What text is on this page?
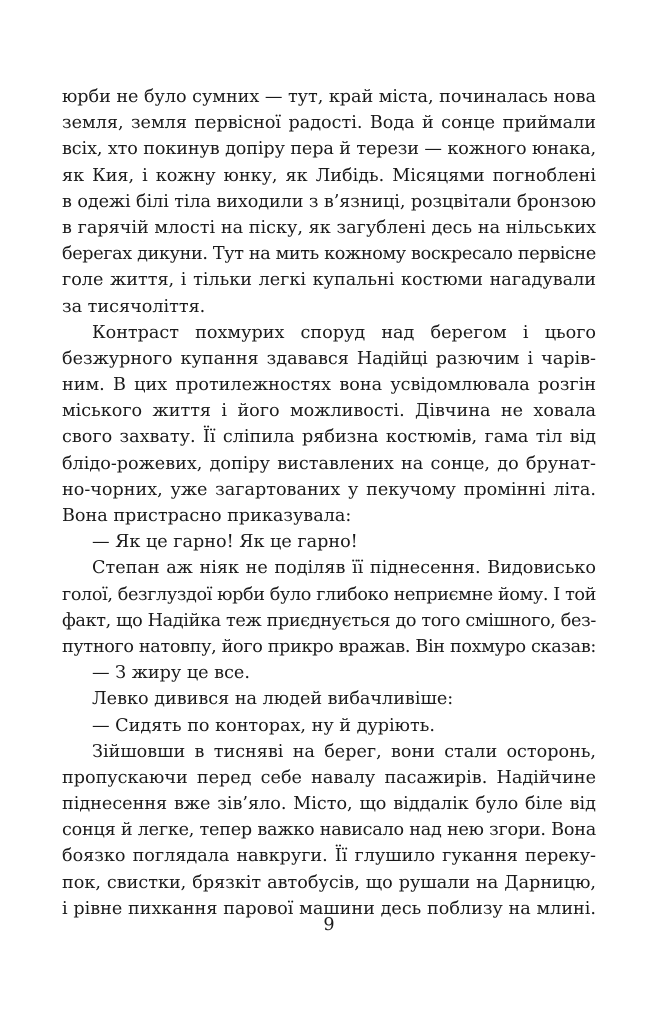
юрби не було сумних — тут, край міста, починалась нова
земля, земля первісної радості. Вода й сонце приймали
всіх, хто покинув допіру пера й терези — кожного юнака,
як Кия, і кожну юнку, як Либідь. Місяцями погноблені
в одежі білі тіла виходили з в’язниці, розцвітали бронзою
в гарячій млості на піску, як загублені десь на нільських
берегах дикуни. Тут на мить кожному воскресало первісне
голе життя, і тільки легкі купальні костюми нагадували
за тисячоліття.
Контраст похмурих споруд над берегом і цього
безжурного купання здавався Надійці разючим і чарів-
ним. В цих протилежностях вона усвідомлювала розгін
міського життя і його можливості. Дівчина не ховала
свого захвату. Її сліпила рябизна костюмів, гама тіл від
блідо-рожевих, допіру виставлених на сонце, до брунат-
но-чорних, уже загартованих у пекучому промінні літа.
Вона пристрасно приказувала:
— Як це гарно! Як це гарно!
Степан аж ніяк не поділяв її піднесення. Видовисько
голої, безглуздої юрби було глибоко неприємне йому. І той
факт, що Надійка теж приєднується до того смішного, без-
путного натовпу, його прикро вражав. Він похмуро сказав:
— З жиру це все.
Левко дивився на людей вибачливіше:
— Сидять по конторах, ну й дуріють.
Зійшовши в тисняві на берег, вони стали осторонь,
пропускаючи перед себе навалу пасажирів. Надійчине
піднесення вже зів’яло. Місто, що віддалік було біле від
сонця й легке, тепер важко нависало над нею згори. Вона
боязко поглядала навкруги. Її глушило гукання переку-
пок, свистки, брязкіт автобусів, що рушали на Дарницю,
і рівне пихкання парової машини десь поблизу на млині.
9
